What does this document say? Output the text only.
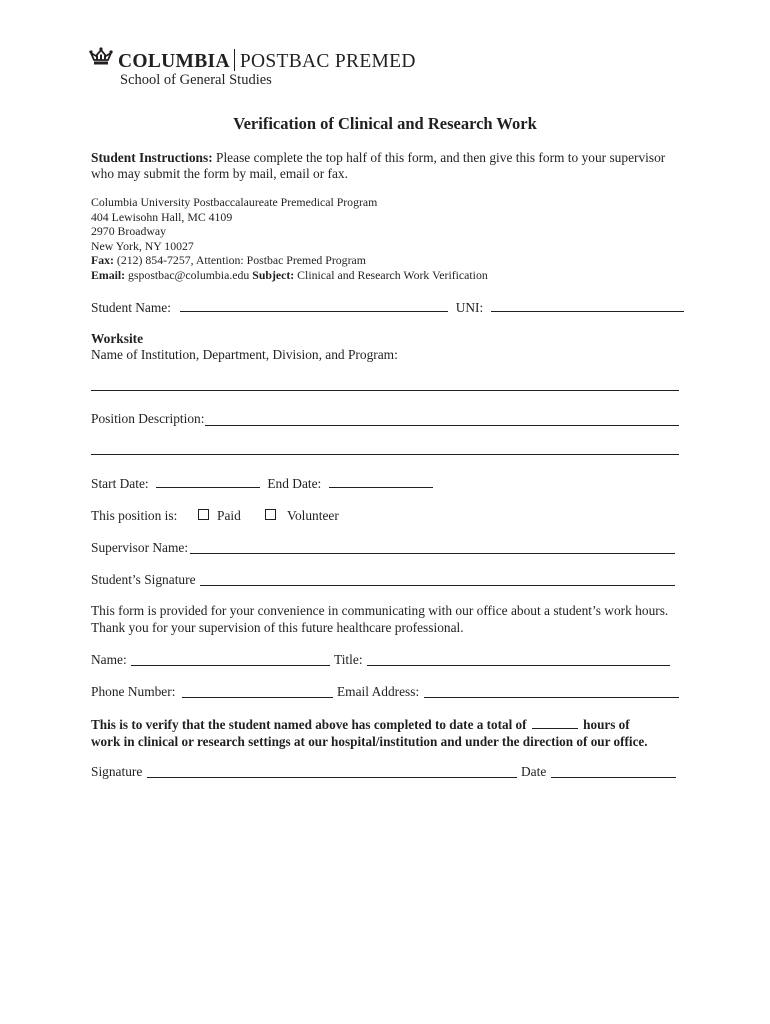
COLUMBIA POSTBAC PREMED
School of General Studies
Verification of Clinical and Research Work
Student Instructions: Please complete the top half of this form, and then give this form to your supervisor
who may submit the form by mail, email or fax.
Columbia University Postbaccalaureate Premedical Program
404 Lewisohn Hall, MC 4109
2970 Broadway
New York, NY 10027
Fax: (212) 854-7257, Attention: Postbac Premed Program
Email: gspostbac@columbia.edu Subject: Clinical and Research Work Verification
Student Name:	UNI:
Worksite
Name of Institution, Department, Division, and Program:
Position Description:
Start Date:	End Date:
This position is:	Paid	Volunteer
Supervisor Name:
Student’s Signature
This form is provided for your convenience in communicating with our office about a student’s work hours.
Thank you for your supervision of this future healthcare professional.
Name:	Title:
Phone Number:	Email Address:
This is to verify that the student named above has completed to date a total of	hours of
work in clinical or research settings at our hospital/institution and under the direction of our office.
Signature	Date
